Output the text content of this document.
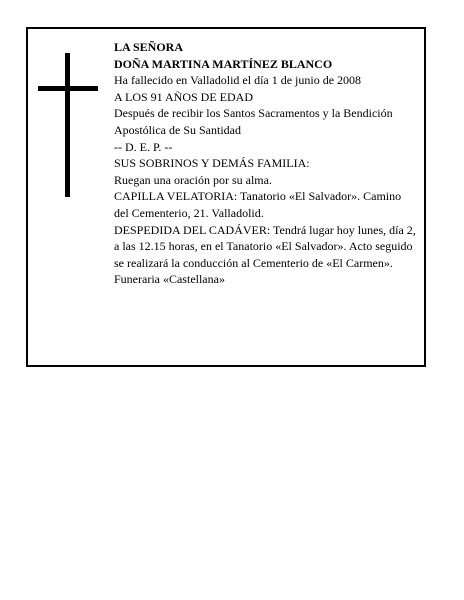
LA SEÑORA

DOÑA MARTINA MARTÍNEZ BLANCO

Ha fallecido en Valladolid el día 1 de junio de 2008

A LOS 91 AÑOS DE EDAD

Después de recibir los Santos Sacramentos y la Bendición Apostólica de Su Santidad

-- D. E. P. --

SUS SOBRINOS Y DEMÁS FAMILIA:

Ruegan una oración por su alma.

CAPILLA VELATORIA: Tanatorio «El Salvador». Camino del Cementerio, 21. Valladolid.

DESPEDIDA DEL CADÁVER: Tendrá lugar hoy lunes, día 2, a las 12.15 horas, en el Tanatorio «El Salvador». Acto seguido se realizará la conducción al Cementerio de «El Carmen».

Funeraria «Castellana»
